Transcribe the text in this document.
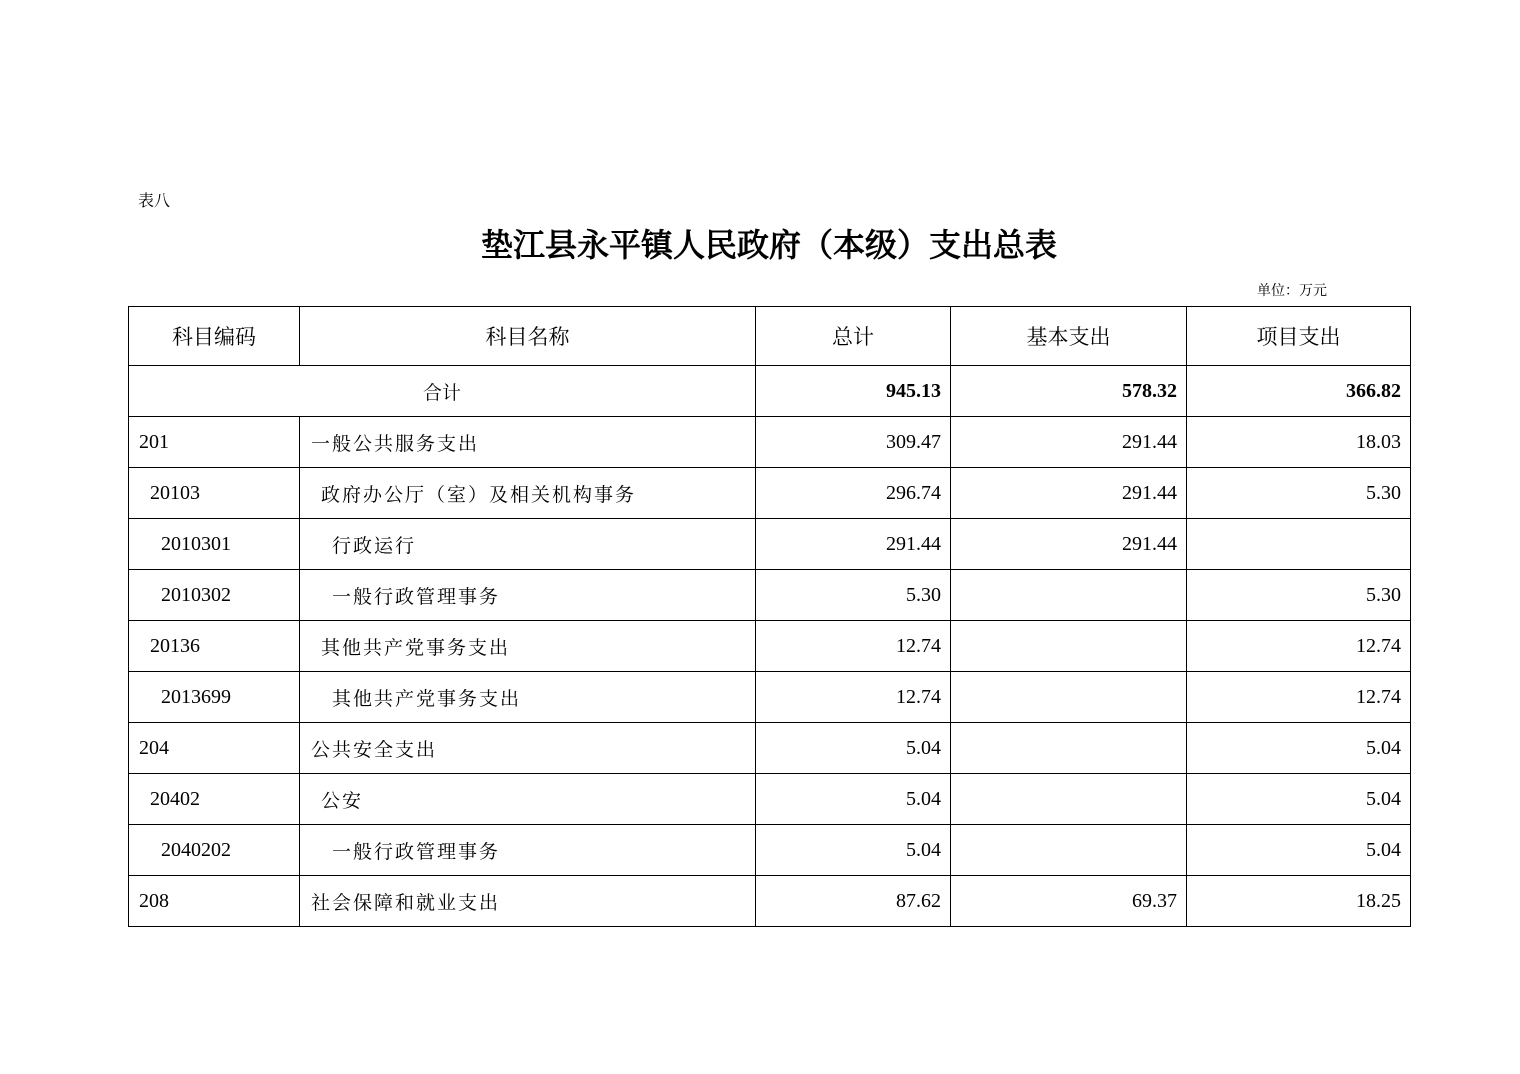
表八
垫江县永平镇人民政府（本级）支出总表
单位：万元
科目编码	科目名称	总计	基本支出	项目支出
合计		945.13	578.32	366.82
201	一般公共服务支出	309.47	291.44	18.03
20103	政府办公厅（室）及相关机构事务	296.74	291.44	5.30
2010301	行政运行	291.44	291.44	
2010302	一般行政管理事务	5.30		5.30
20136	其他共产党事务支出	12.74		12.74
2013699	其他共产党事务支出	12.74		12.74
204	公共安全支出	5.04		5.04
20402	公安	5.04		5.04
2040202	一般行政管理事务	5.04		5.04
208	社会保障和就业支出	87.62	69.37	18.25
